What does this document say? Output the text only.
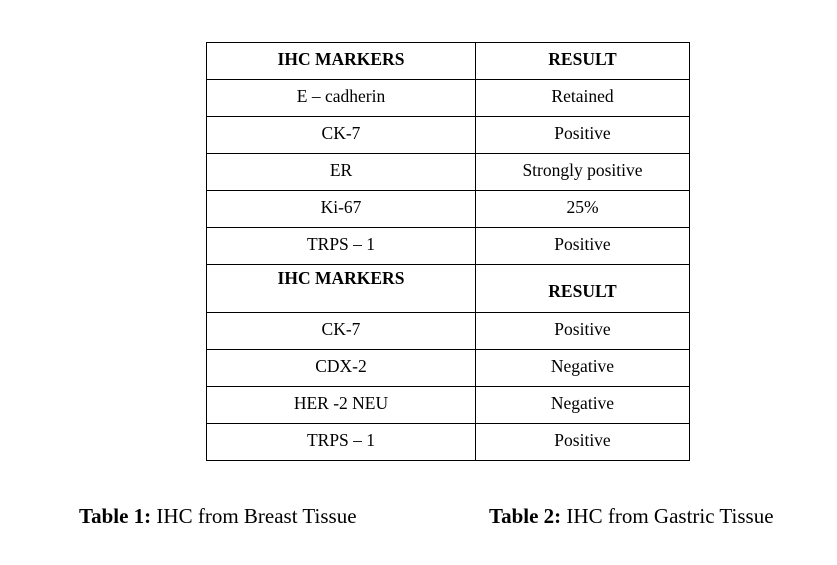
IHC MARKERS	RESULT
E – cadherin	Retained
CK-7	Positive
ER	Strongly positive
Ki-67	25%
TRPS – 1	Positive
IHC MARKERS	RESULT
CK-7	Positive
CDX-2	Negative
HER -2 NEU	Negative
TRPS – 1	Positive
Table 1: IHC from Breast Tissue	Table 2: IHC from Gastric Tissue
